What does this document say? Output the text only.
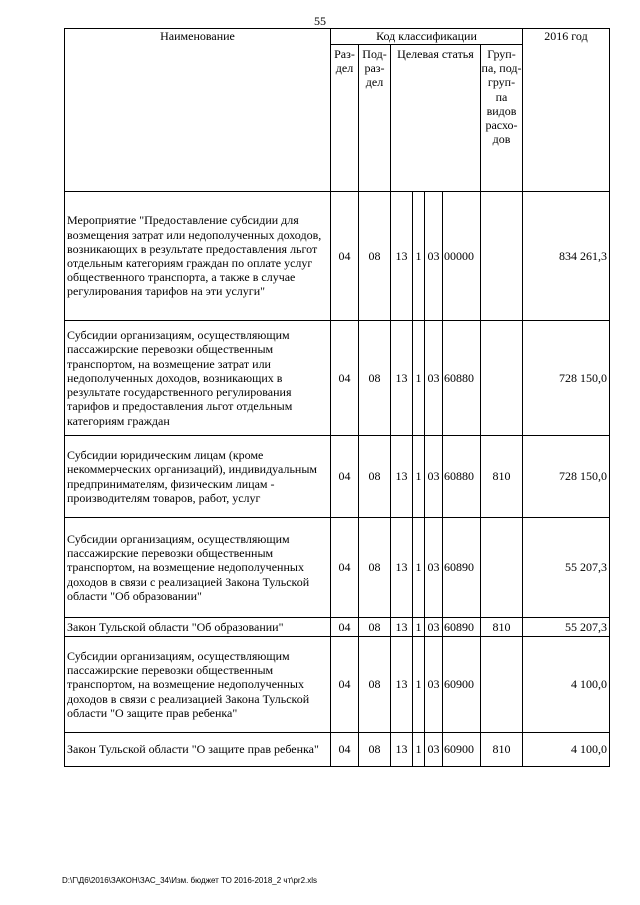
55
Наименование	Код классификации							2016 год
	Раз- дел	Под- раз- дел	Целевая статья				Груп- па, под- груп- па видов расхо- дов	
Мероприятие "Предоставление субсидии для возмещения затрат или недополученных доходов, возникающих в результате предоставления льгот отдельным категориям граждан по оплате услуг общественного транспорта, а также в случае регулирования тарифов на эти услуги"	04	08	13	1	03	00000		834 261,3
Субсидии организациям, осуществляющим пассажирские перевозки общественным транспортом, на возмещение затрат или недополученных доходов, возникающих в результате государственного регулирования тарифов и предоставления льгот отдельным категориям граждан	04	08	13	1	03	60880		728 150,0
Субсидии юридическим лицам (кроме некоммерческих организаций), индивидуальным предпринимателям, физическим лицам - производителям товаров, работ, услуг	04	08	13	1	03	60880	810	728 150,0
Субсидии организациям, осуществляющим пассажирские перевозки общественным транспортом, на возмещение недополученных доходов в связи с реализацией Закона Тульской области "Об образовании"	04	08	13	1	03	60890		55 207,3
Закон Тульской области "Об образовании"	04	08	13	1	03	60890	810	55 207,3
Субсидии организациям, осуществляющим пассажирские перевозки общественным транспортом, на возмещение недополученных доходов в связи с реализацией Закона Тульской области "О защите прав ребенка"	04	08	13	1	03	60900		4 100,0
Закон Тульской области "О защите прав ребенка"	04	08	13	1	03	60900	810	4 100,0
D:\Г\Д6\2016\ЗАКОН\ЗАС_34\Изм. бюджет ТО 2016-2018_2 чт\pr2.xls
